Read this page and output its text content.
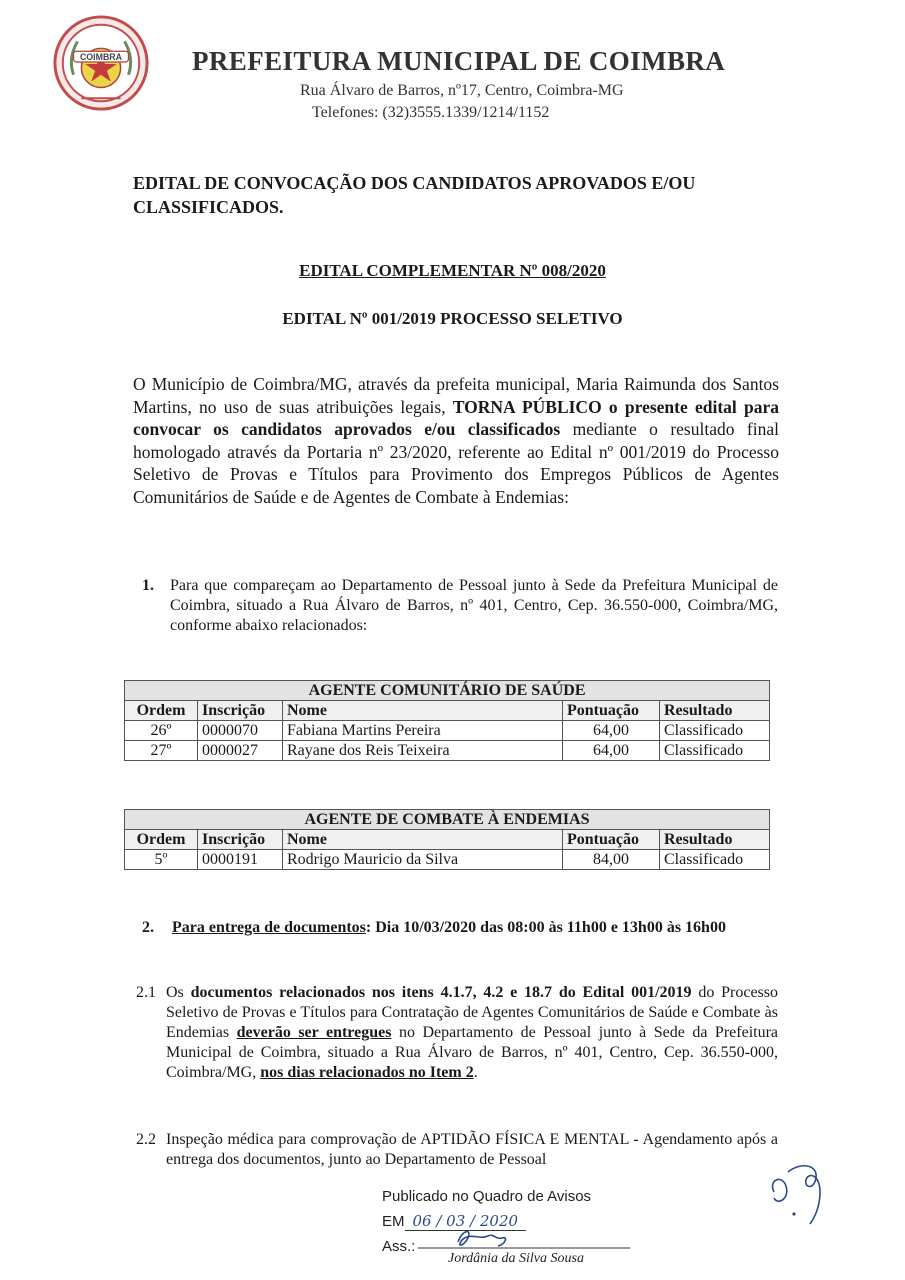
COIMBRA	PREFEITURA MUNICIPAL DE COIMBRA
Rua Álvaro de Barros, nº17, Centro, Coimbra-MG
Telefones: (32)3555.1339/1214/1152
EDITAL DE CONVOCAÇÃO DOS CANDIDATOS APROVADOS E/OU CLASSIFICADOS.
EDITAL COMPLEMENTAR Nº 008/2020
EDITAL Nº 001/2019 PROCESSO SELETIVO
O Município de Coimbra/MG, através da prefeita municipal, Maria Raimunda dos Santos Martins, no uso de suas atribuições legais, TORNA PÚBLICO o presente edital para convocar os candidatos aprovados e/ou classificados mediante o resultado final homologado através da Portaria nº 23/2020, referente ao Edital nº 001/2019 do Processo Seletivo de Provas e Títulos para Provimento dos Empregos Públicos de Agentes Comunitários de Saúde e de Agentes de Combate à Endemias:
1. Para que compareçam ao Departamento de Pessoal junto à Sede da Prefeitura Municipal de Coimbra, situado a Rua Álvaro de Barros, nº 401, Centro, Cep. 36.550-000, Coimbra/MG, conforme abaixo relacionados:
AGENTE COMUNITÁRIO DE SAÚDE				
Ordem	Inscrição	Nome	Pontuação	Resultado
26º	0000070	Fabiana Martins Pereira	64,00	Classificado
27º	0000027	Rayane dos Reis Teixeira	64,00	Classificado
AGENTE DE COMBATE À ENDEMIAS				
Ordem	Inscrição	Nome	Pontuação	Resultado
5º	0000191	Rodrigo Mauricio da Silva	84,00	Classificado
2. Para entrega de documentos: Dia 10/03/2020 das 08:00 às 11h00 e 13h00 às 16h00
2.1 Os documentos relacionados nos itens 4.1.7, 4.2 e 18.7 do Edital 001/2019 do Processo Seletivo de Provas e Títulos para Contratação de Agentes Comunitários de Saúde e Combate às Endemias deverão ser entregues no Departamento de Pessoal junto à Sede da Prefeitura Municipal de Coimbra, situado a Rua Álvaro de Barros, nº 401, Centro, Cep. 36.550-000, Coimbra/MG, nos dias relacionados no Item 2.
2.2 Inspeção médica para comprovação de APTIDÃO FÍSICA E MENTAL - Agendamento após a entrega dos documentos, junto ao Departamento de Pessoal
Publicado no Quadro de Avisos
EM 06 / 03 / 2020
Ass.:
Jordânia da Silva Sousa
